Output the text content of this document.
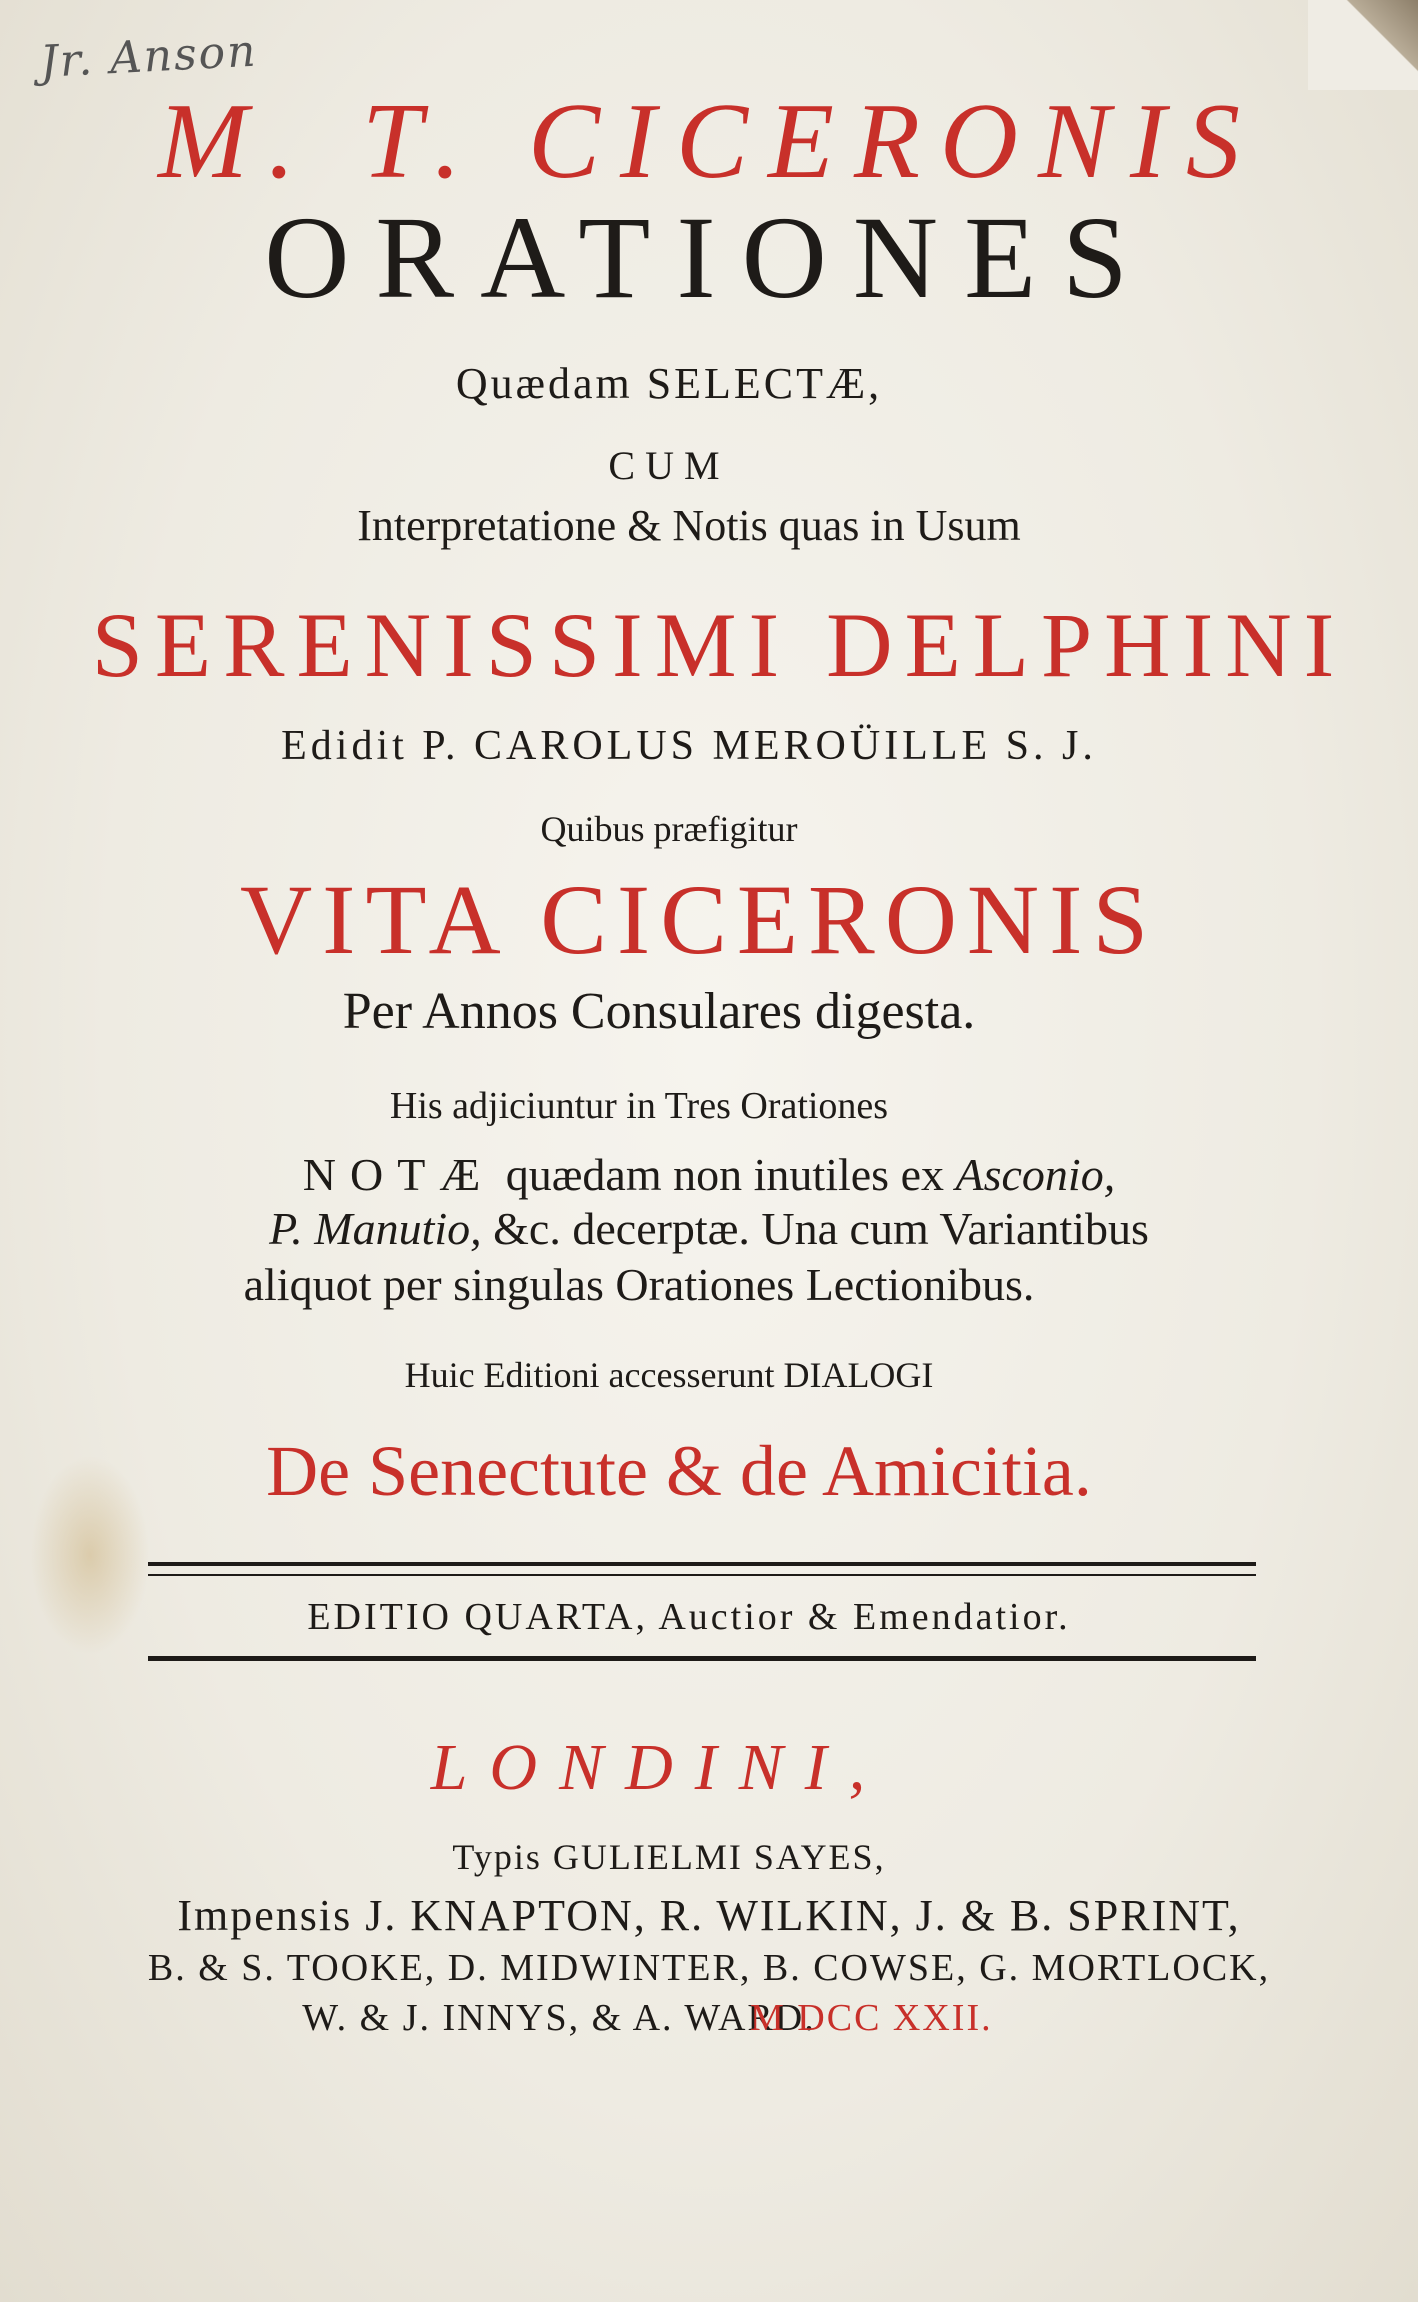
Jr. Anson
M. T. CICERONIS
ORATIONES
Quædam SELECTÆ,
CUM
Interpretatione & Notis quas in Usum
SERENISSIMI DELPHINI
Edidit P. CAROLUS MEROÜILLE S. J.
Quibus præfigitur
VITA CICERONIS
Per Annos Consulares digesta.
His adjiciuntur in Tres Orationes
NOTÆ quædam non inutiles ex Asconio,
P. Manutio, &c. decerptæ. Una cum Variantibus
aliquot per singulas Orationes Lectionibus.
Huic Editioni accesserunt DIALOGI
De Senectute & de Amicitia.
EDITIO QUARTA, Auctior & Emendatior.
LONDINI,
Typis GULIELMI SAYES,
Impensis J. KNAPTON, R. WILKIN, J. & B. SPRINT,
B. & S. TOOKE, D. MIDWINTER, B. COWSE, G. MORTLOCK,
W. & J. INNYS, & A. WARD.
M DCC XXII.
